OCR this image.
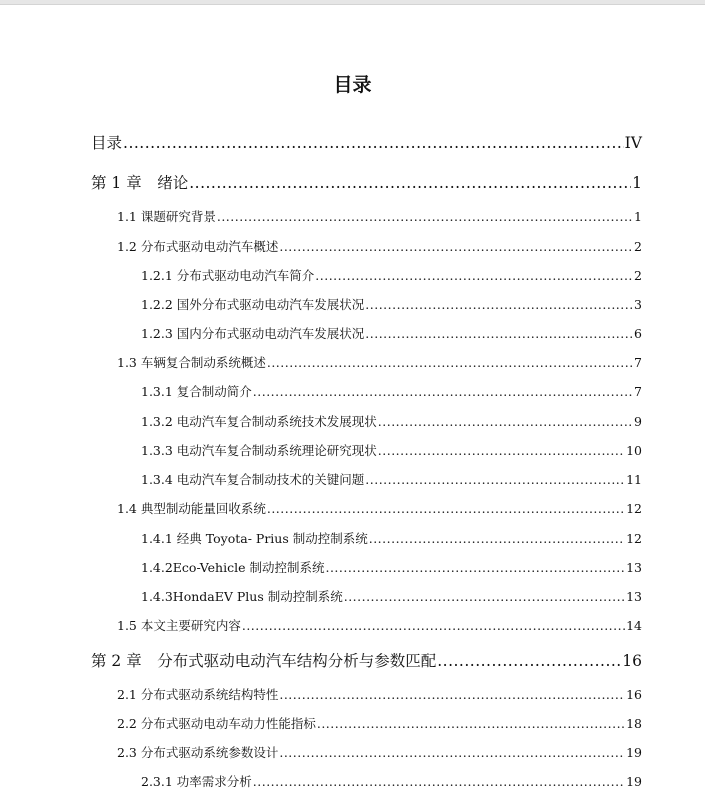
目录
目录 .....	IV
第 1 章　绪论 .....	1
1.1 课题研究背景 .....	1
1.2 分布式驱动电动汽车概述 .....	2
1.2.1 分布式驱动电动汽车简介 .....	2
1.2.2 国外分布式驱动电动汽车发展状况 .....	3
1.2.3 国内分布式驱动电动汽车发展状况 .....	6
1.3 车辆复合制动系统概述 .....	7
1.3.1 复合制动简介 .....	7
1.3.2 电动汽车复合制动系统技术发展现状 .....	9
1.3.3 电动汽车复合制动系统理论研究现状 .....	10
1.3.4 电动汽车复合制动技术的关键问题 .....	11
1.4 典型制动能量回收系统 .....	12
1.4.1 经典 Toyota- Prius 制动控制系统 .....	12
1.4.2Eco-Vehicle 制动控制系统 .....	13
1.4.3HondaEV Plus 制动控制系统 .....	13
1.5 本文主要研究内容 .....	14
第 2 章　分布式驱动电动汽车结构分析与参数匹配 .....	16
2.1 分布式驱动系统结构特性 .....	16
2.2 分布式驱动电动车动力性能指标 .....	18
2.3 分布式驱动系统参数设计 .....	19
2.3.1 功率需求分析 .....	19
